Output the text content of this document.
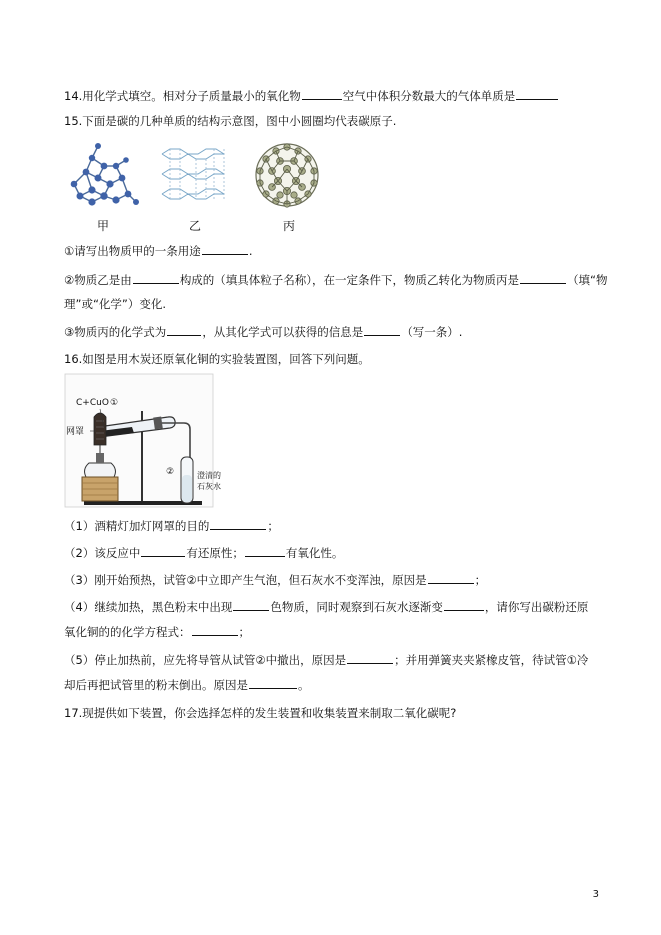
14.用化学式填空。相对分子质量最小的氧化物	空气中体积分数最大的气体单质是
15.下面是碳的几种单质的结构示意图，图中小圆圈均代表碳原子.
甲	乙	丙
①请写出物质甲的一条用途	.
②物质乙是由	构成的（填具体粒子名称），在一定条件下，物质乙转化为物质丙是	（填“物
理”或“化学”）变化.
③物质丙的化学式为	，从其化学式可以获得的信息是	（写一条）.
16.如图是用木炭还原氧化铜的实验装置图，回答下列问题。
C+CuO ①
②
网罩
澄清的
石灰水
（1）酒精灯加灯网罩的目的	；
（2）该反应中	有还原性；	有氧化性。
（3）刚开始预热，试管②中立即产生气泡，但石灰水不变浑浊，原因是	；
（4）继续加热，黑色粉末中出现	色物质，同时观察到石灰水逐渐变	，请你写出碳粉还原
氧化铜的的化学方程式：	；
（5）停止加热前，应先将导管从试管②中撤出，原因是	；并用弹簧夹夹紧橡皮管，待试管①冷
却后再把试管里的粉末倒出。原因是	。
17.现提供如下装置，你会选择怎样的发生装置和收集装置来制取二氧化碳呢?
3
